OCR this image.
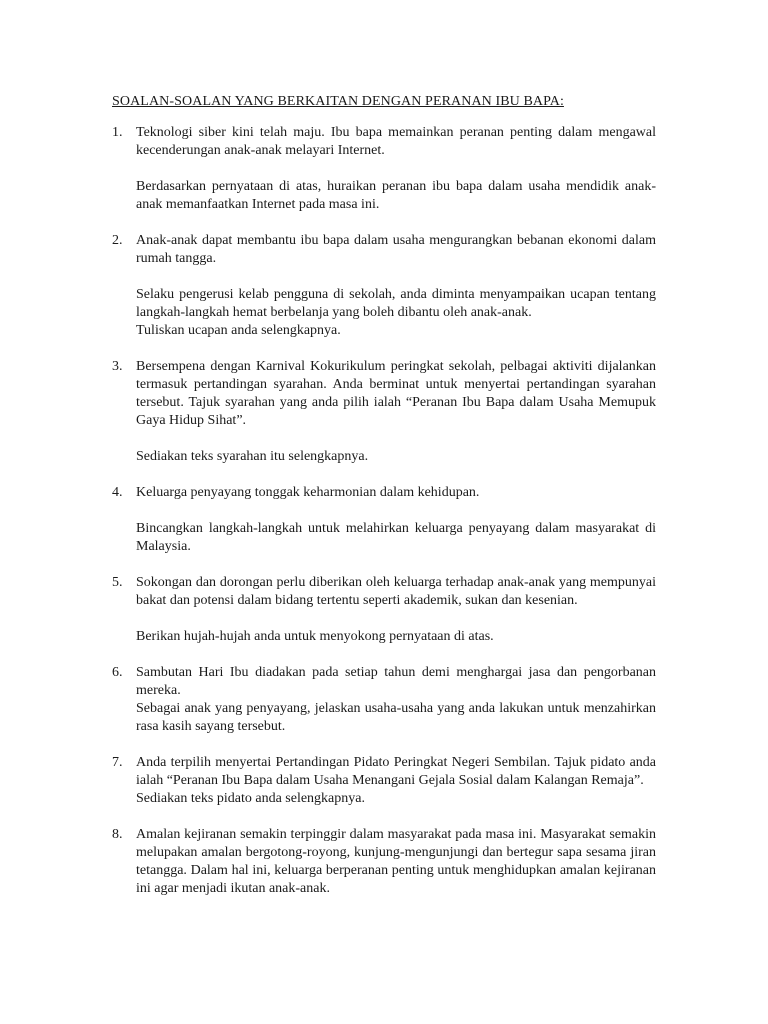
SOALAN-SOALAN YANG BERKAITAN DENGAN PERANAN IBU BAPA:
1. Teknologi siber kini telah maju. Ibu bapa memainkan peranan penting dalam mengawal kecenderungan anak-anak melayari Internet.

Berdasarkan pernyataan di atas, huraikan peranan ibu bapa dalam usaha mendidik anak-anak memanfaatkan Internet pada masa ini.

2. Anak-anak dapat membantu ibu bapa dalam usaha mengurangkan bebanan ekonomi dalam rumah tangga.

Selaku pengerusi kelab pengguna di sekolah, anda diminta menyampaikan ucapan tentang langkah-langkah hemat berbelanja yang boleh dibantu oleh anak-anak.

Tuliskan ucapan anda selengkapnya.

3. Bersempena dengan Karnival Kokurikulum peringkat sekolah, pelbagai aktiviti dijalankan termasuk pertandingan syarahan. Anda berminat untuk menyertai pertandingan syarahan tersebut. Tajuk syarahan yang anda pilih ialah “Peranan Ibu Bapa dalam Usaha Memupuk Gaya Hidup Sihat”.

Sediakan teks syarahan itu selengkapnya.

4. Keluarga penyayang tonggak keharmonian dalam kehidupan.

Bincangkan langkah-langkah untuk melahirkan keluarga penyayang dalam masyarakat di Malaysia.

5. Sokongan dan dorongan perlu diberikan oleh keluarga terhadap anak-anak yang mempunyai bakat dan potensi dalam bidang tertentu seperti akademik, sukan dan kesenian.

Berikan hujah-hujah anda untuk menyokong pernyataan di atas.

6. Sambutan Hari Ibu diadakan pada setiap tahun demi menghargai jasa dan pengorbanan mereka.

Sebagai anak yang penyayang, jelaskan usaha-usaha yang anda lakukan untuk menzahirkan rasa kasih sayang tersebut.

7. Anda terpilih menyertai Pertandingan Pidato Peringkat Negeri Sembilan. Tajuk pidato anda ialah “Peranan Ibu Bapa dalam Usaha Menangani Gejala Sosial dalam Kalangan Remaja”.

Sediakan teks pidato anda selengkapnya.

8. Amalan kejiranan semakin terpinggir dalam masyarakat pada masa ini. Masyarakat semakin melupakan amalan bergotong-royong, kunjung-mengunjungi dan bertegur sapa sesama jiran tetangga. Dalam hal ini, keluarga berperanan penting untuk menghidupkan amalan kejiranan ini agar menjadi ikutan anak-anak.
